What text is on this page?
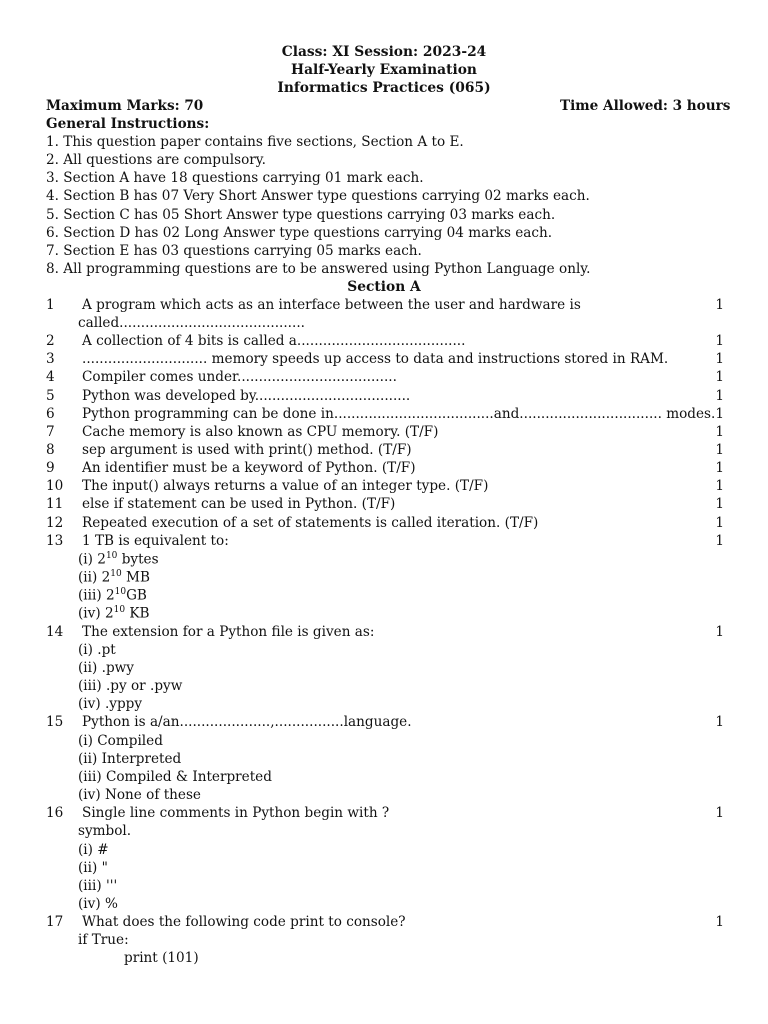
Class: XI Session: 2023-24
Half-Yearly Examination
Informatics Practices (065)
Maximum Marks: 70	Time Allowed: 3 hours
General Instructions:
1. This question paper contains five sections, Section A to E.
2. All questions are compulsory.
3. Section A have 18 questions carrying 01 mark each.
4. Section B has 07 Very Short Answer type questions carrying 02 marks each.
5. Section C has 05 Short Answer type questions carrying 03 marks each.
6. Section D has 02 Long Answer type questions carrying 04 marks each.
7. Section E has 03 questions carrying 05 marks each.
8. All programming questions are to be answered using Python Language only.
Section A
1	A program which acts as an interface between the user and hardware is	1
called...........................................
2	A collection of 4 bits is called a.......................................	1
3	............................. memory speeds up access to data and instructions stored in RAM.	1
4	Compiler comes under.....................................	1
5	Python was developed by....................................	1
6	Python programming can be done in.....................................and................................. modes. 1
7	Cache memory is also known as CPU memory. (T/F)	1
8	sep argument is used with print() method. (T/F)	1
9	An identifier must be a keyword of Python. (T/F)	1
10	The input() always returns a value of an integer type. (T/F)	1
11	else if statement can be used in Python. (T/F)	1
12	Repeated execution of a set of statements is called iteration. (T/F)	1
13	1 TB is equivalent to:	1
(i) $2^{10}$ bytes
(ii) $2^{10}$ MB
(iii) $2^{10}GB$
(iv) $2^{10}$ KB
14	The extension for a Python file is given as:	1
(i) .pt
(ii) .pwy
(iii) .py or .pyw
(iv) .yppy
15	Python is a/an.....................,................language.	1
(i) Compiled
(ii) Interpreted
(iii) Compiled & Interpreted
(iv) None of these
16	Single line comments in Python begin with ?	1
symbol.
(i) #
(ii) "
(iii) '''
(iv) %
17	What does the following code print to console?	1
if True:
print (101)
